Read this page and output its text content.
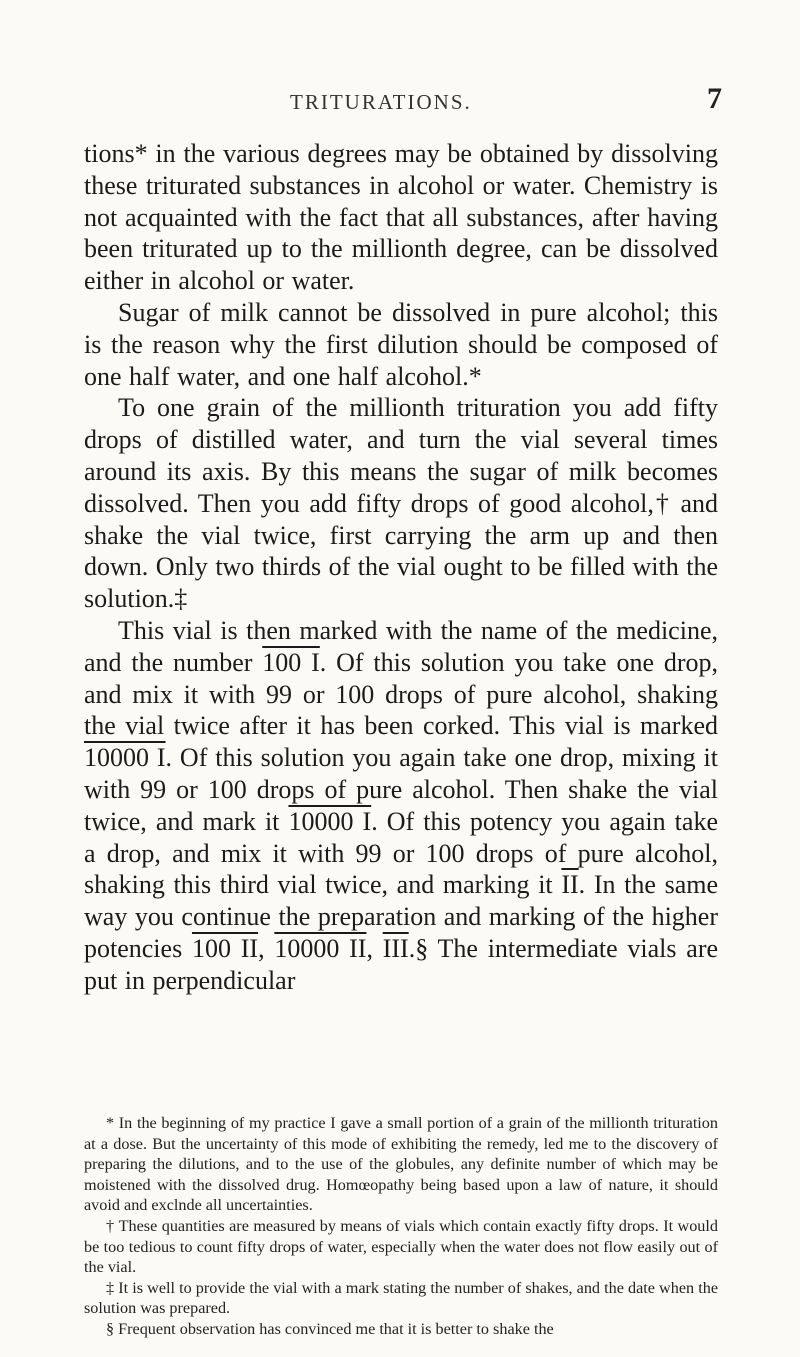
TRITURATIONS.	7

tions* in the various degrees may be obtained by dissolving these triturated substances in alcohol or water. Chemistry is not acquainted with the fact that all substances, after having been triturated up to the millionth degree, can be dissolved either in alcohol or water.

Sugar of milk cannot be dissolved in pure alcohol; this is the reason why the first dilution should be composed of one half water, and one half alcohol.*

To one grain of the millionth trituration you add fifty drops of distilled water, and turn the vial several times around its axis. By this means the sugar of milk becomes dissolved. Then you add fifty drops of good alcohol,† and shake the vial twice, first carrying the arm up and then down. Only two thirds of the vial ought to be filled with the solution.‡

This vial is then marked with the name of the medicine, and the number 100 I. Of this solution you take one drop, and mix it with 99 or 100 drops of pure alcohol, shaking the vial twice after it has been corked. This vial is marked 10000 I. Of this solution you again take one drop, mixing it with 99 or 100 drops of pure alcohol. Then shake the vial twice, and mark it 10000 I. Of this potency you again take a drop, and mix it with 99 or 100 drops of pure alcohol, shaking this third vial twice, and marking it $\overline{II}$. In the same way you continue the preparation and marking of the higher potencies 100 II, 10000 II, $\overline{III}.\S$ The intermediate vials are put in perpendicular

* In the beginning of my practice I gave a small portion of a grain of the millionth trituration at a dose. But the uncertainty of this mode of exhibiting the remedy, led me to the discovery of preparing the dilutions, and to the use of the globules, any definite number of which may be moistened with the dissolved drug. Homœopathy being based upon a law of nature, it should avoid and exclnde all uncertainties.

† These quantities are measured by means of vials which contain exactly fifty drops. It would be too tedious to count fifty drops of water, especially when the water does not flow easily out of the vial.

‡ It is well to provide the vial with a mark stating the number of shakes, and the date when the solution was prepared.

§ Frequent observation has convinced me that it is better to shake the
